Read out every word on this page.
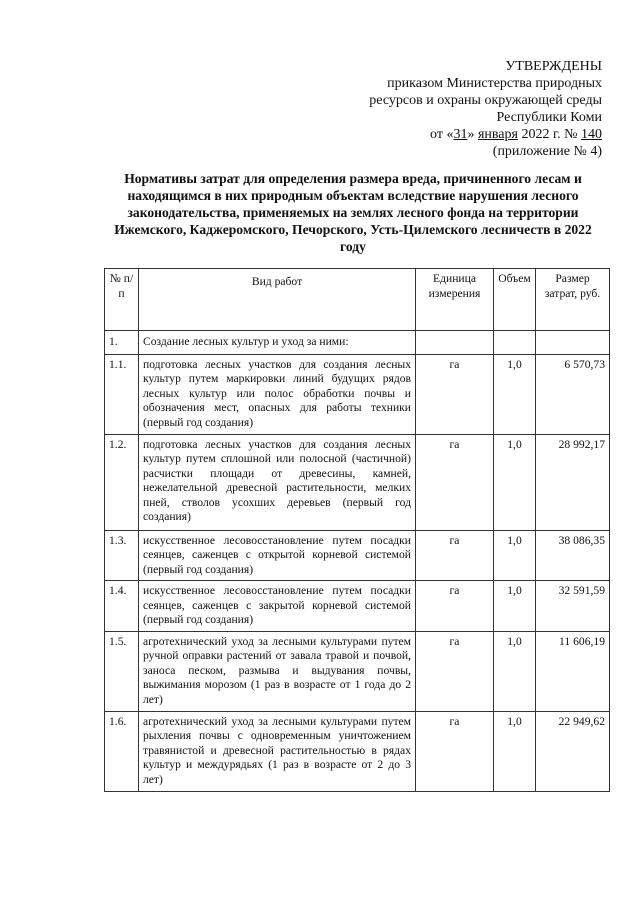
УТВЕРЖДЕНЫ
приказом Министерства природных
ресурсов и охраны окружающей среды
Республики Коми
от «31» января 2022 г. № 140
(приложение № 4)
Нормативы затрат для определения размера вреда, причиненного лесам и находящимся в них природным объектам вследствие нарушения лесного законодательства, применяемых на землях лесного фонда на территории Ижемского, Каджеромского, Печорского, Усть-Цилемского лесничеств в 2022 году
№ п/п	Вид работ	Единица измерения	Объем	Размер затрат, руб.
1.	Создание лесных культур и уход за ними:			
1.1.	подготовка лесных участков для создания лесных культур путем маркировки линий будущих рядов лесных культур или полос обработки почвы и обозначения мест, опасных для работы техники (первый год создания)	га	1,0	6 570,73
1.2.	подготовка лесных участков для создания лесных культур путем сплошной или полосной (частичной) расчистки площади от древесины, камней, нежелательной древесной растительности, мелких пней, стволов усохших деревьев (первый год создания)	га	1,0	28 992,17
1.3.	искусственное лесовосстановление путем посадки сеянцев, саженцев с открытой корневой системой (первый год создания)	га	1,0	38 086,35
1.4.	искусственное лесовосстановление путем посадки сеянцев, саженцев с закрытой корневой системой (первый год создания)	га	1,0	32 591,59
1.5.	агротехнический уход за лесными культурами путем ручной оправки растений от завала травой и почвой, заноса песком, размыва и выдувания почвы, выжимания морозом (1 раз в возрасте от 1 года до 2 лет)	га	1,0	11 606,19
1.6.	агротехнический уход за лесными культурами путем рыхления почвы с одновременным уничтожением травянистой и древесной растительностью в рядах культур и междурядьях (1 раз в возрасте от 2 до 3 лет)	га	1,0	22 949,62
